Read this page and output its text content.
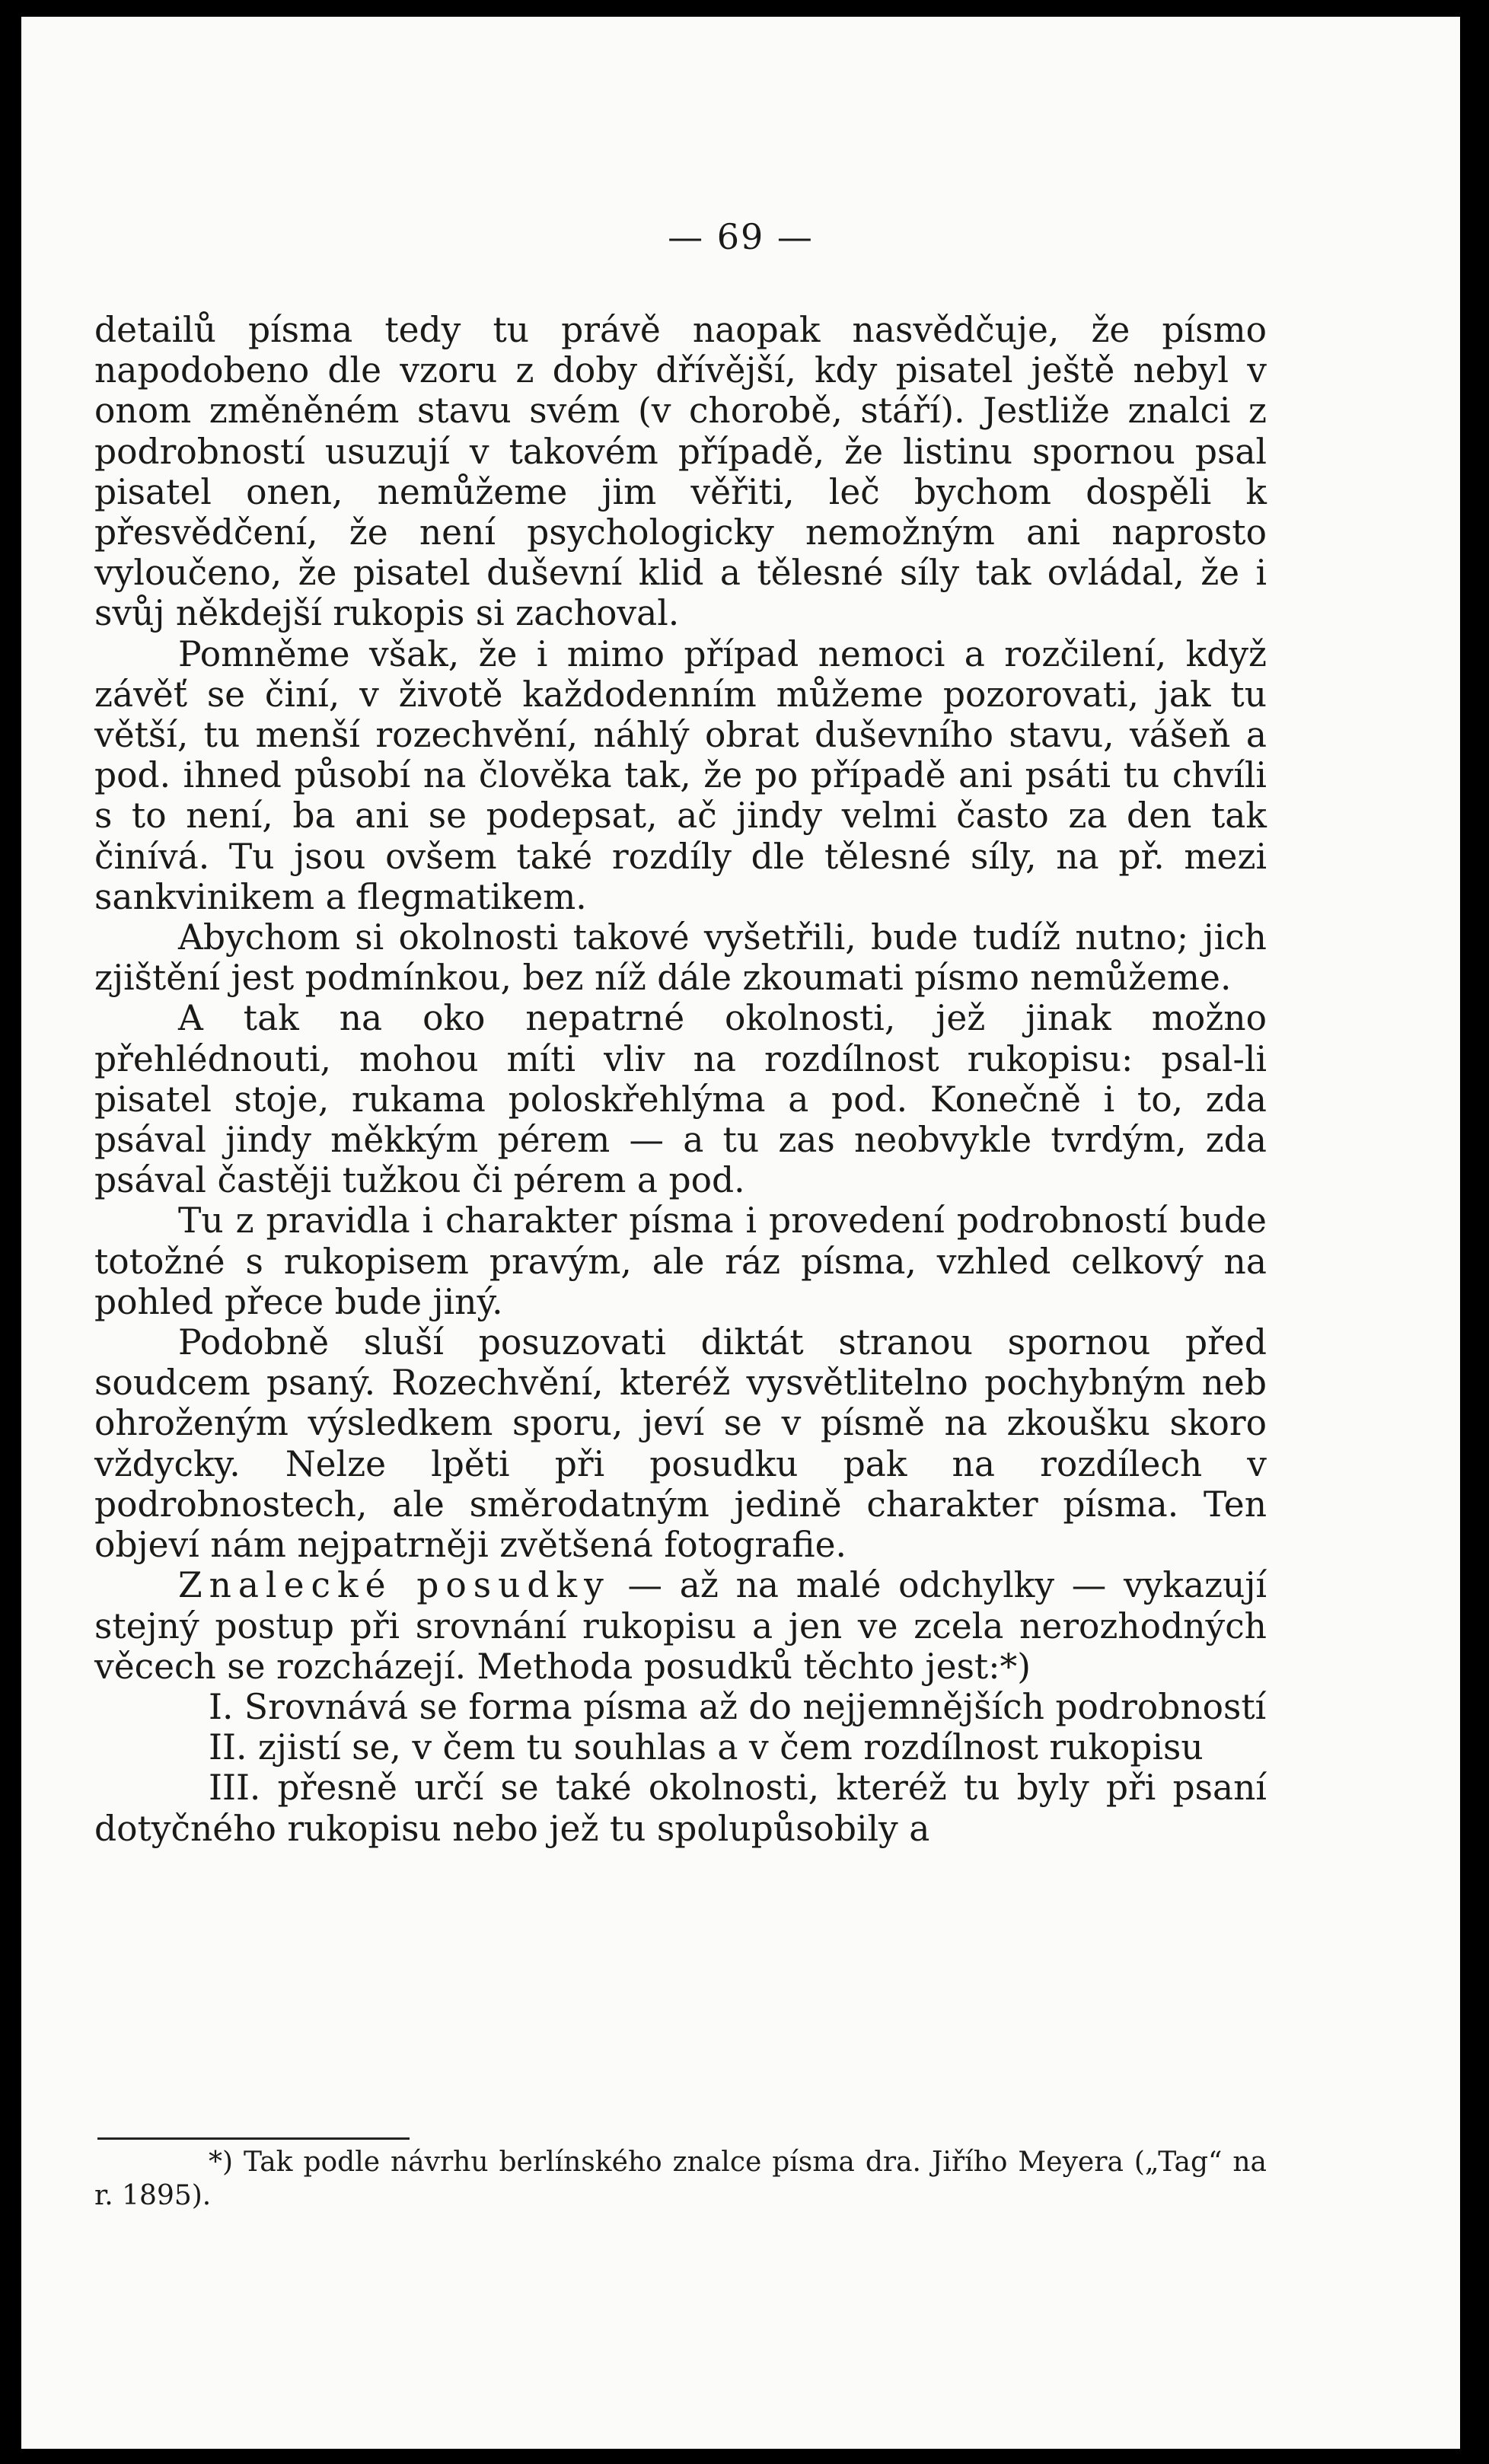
— 69 —

detailů písma tedy tu právě naopak nasvědčuje, že písmo napodobeno dle vzoru z doby dřívější, kdy pisatel ještě nebyl v onom změněném stavu svém (v chorobě, stáří). Jestliže znalci z podrobností usuzují v takovém případě, že listinu spornou psal pisatel onen, nemůžeme jim věřiti, leč bychom dospěli k přesvědčení, že není psychologicky nemožným ani naprosto vyloučeno, že pisatel duševní klid a tělesné síly tak ovládal, že i svůj někdejší rukopis si zachoval.

Pomněme však, že i mimo případ nemoci a rozčilení, když závěť se činí, v životě každodenním můžeme pozorovati, jak tu větší, tu menší rozechvění, náhlý obrat duševního stavu, vášeň a pod. ihned působí na člověka tak, že po případě ani psáti tu chvíli s to není, ba ani se podepsat, ač jindy velmi často za den tak činívá. Tu jsou ovšem také rozdíly dle tělesné síly, na př. mezi sankvinikem a flegmatikem.

Abychom si okolnosti takové vyšetřili, bude tudíž nutno; jich zjištění jest podmínkou, bez níž dále zkoumati písmo nemůžeme.

A tak na oko nepatrné okolnosti, jež jinak možno přehlédnouti, mohou míti vliv na rozdílnost rukopisu: psal-li pisatel stoje, rukama poloskřehlýma a pod. Konečně i to, zda psával jindy měkkým pérem — a tu zas neobvykle tvrdým, zda psával častěji tužkou či pérem a pod.

Tu z pravidla i charakter písma i provedení podrobností bude totožné s rukopisem pravým, ale ráz písma, vzhled celkový na pohled přece bude jiný.

Podobně sluší posuzovati diktát stranou spornou před soudcem psaný. Rozechvění, kteréž vysvětlitelno pochybným neb ohroženým výsledkem sporu, jeví se v písmě na zkoušku skoro vždycky. Nelze lpěti při posudku pak na rozdílech v podrobnostech, ale směrodatným jedině charakter písma. Ten objeví nám nejpatrněji zvětšená fotografie.

Znalecké posudky — až na malé odchylky — vykazují stejný postup při srovnání rukopisu a jen ve zcela nerozhodných věcech se rozcházejí. Methoda posudků těchto jest:*)

I. Srovnává se forma písma až do nejjemnějších podrobností

II. zjistí se, v čem tu souhlas a v čem rozdílnost rukopisu

III. přesně určí se také okolnosti, kteréž tu byly při psaní dotyčného rukopisu nebo jež tu spolupůsobily a

*) Tak podle návrhu berlínského znalce písma dra. Jiřího Meyera („Tag“ na r. 1895).
